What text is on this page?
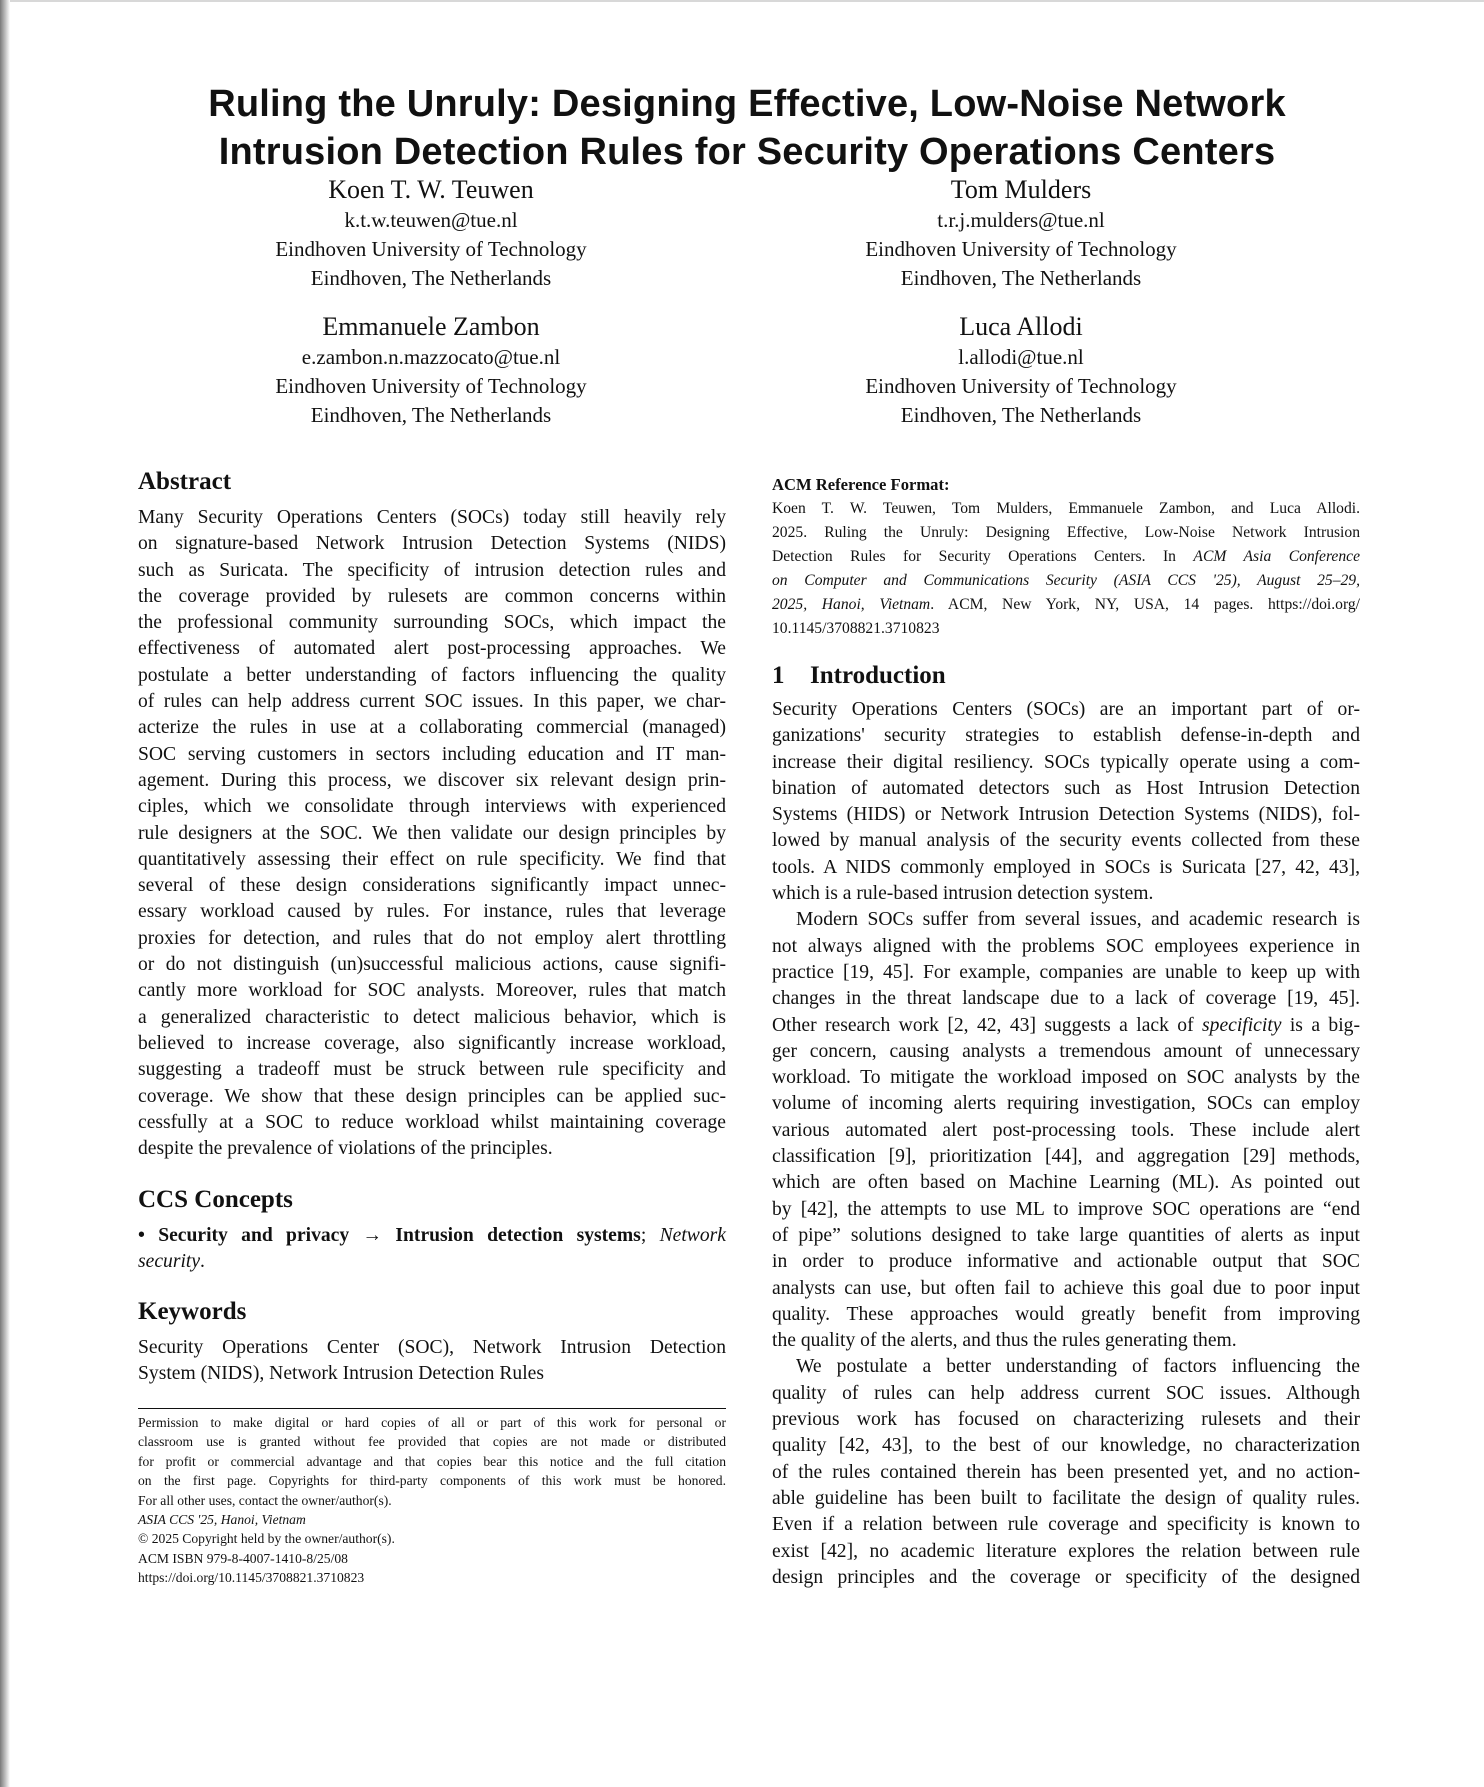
Ruling the Unruly: Designing Effective, Low-Noise Network
Intrusion Detection Rules for Security Operations Centers
Koen T. W. Teuwen
k.t.w.teuwen@tue.nl
Eindhoven University of Technology
Eindhoven, The Netherlands
Tom Mulders
t.r.j.mulders@tue.nl
Eindhoven University of Technology
Eindhoven, The Netherlands
Emmanuele Zambon
e.zambon.n.mazzocato@tue.nl
Eindhoven University of Technology
Eindhoven, The Netherlands
Luca Allodi
l.allodi@tue.nl
Eindhoven University of Technology
Eindhoven, The Netherlands
Abstract
Many Security Operations Centers (SOCs) today still heavily rely
on signature-based Network Intrusion Detection Systems (NIDS)
such as Suricata. The specificity of intrusion detection rules and
the coverage provided by rulesets are common concerns within
the professional community surrounding SOCs, which impact the
effectiveness of automated alert post-processing approaches. We
postulate a better understanding of factors influencing the quality
of rules can help address current SOC issues. In this paper, we char-
acterize the rules in use at a collaborating commercial (managed)
SOC serving customers in sectors including education and IT man-
agement. During this process, we discover six relevant design prin-
ciples, which we consolidate through interviews with experienced
rule designers at the SOC. We then validate our design principles by
quantitatively assessing their effect on rule specificity. We find that
several of these design considerations significantly impact unnec-
essary workload caused by rules. For instance, rules that leverage
proxies for detection, and rules that do not employ alert throttling
or do not distinguish (un)successful malicious actions, cause signifi-
cantly more workload for SOC analysts. Moreover, rules that match
a generalized characteristic to detect malicious behavior, which is
believed to increase coverage, also significantly increase workload,
suggesting a tradeoff must be struck between rule specificity and
coverage. We show that these design principles can be applied suc-
cessfully at a SOC to reduce workload whilst maintaining coverage
despite the prevalence of violations of the principles.
CCS Concepts
• Security and privacy → Intrusion detection systems; Network
security.
Keywords
Security Operations Center (SOC), Network Intrusion Detection
System (NIDS), Network Intrusion Detection Rules
Permission to make digital or hard copies of all or part of this work for personal or
classroom use is granted without fee provided that copies are not made or distributed
for profit or commercial advantage and that copies bear this notice and the full citation
on the first page. Copyrights for third-party components of this work must be honored.
For all other uses, contact the owner/author(s).
ASIA CCS '25, Hanoi, Vietnam
© 2025 Copyright held by the owner/author(s).
ACM ISBN 979-8-4007-1410-8/25/08
https://doi.org/10.1145/3708821.3710823
ACM Reference Format:
Koen T. W. Teuwen, Tom Mulders, Emmanuele Zambon, and Luca Allodi.
2025. Ruling the Unruly: Designing Effective, Low-Noise Network Intrusion
Detection Rules for Security Operations Centers. In ACM Asia Conference
on Computer and Communications Security (ASIA CCS '25), August 25–29,
2025, Hanoi, Vietnam. ACM, New York, NY, USA, 14 pages. https://doi.org/
10.1145/3708821.3710823
1 Introduction
Security Operations Centers (SOCs) are an important part of or-
ganizations' security strategies to establish defense-in-depth and
increase their digital resiliency. SOCs typically operate using a com-
bination of automated detectors such as Host Intrusion Detection
Systems (HIDS) or Network Intrusion Detection Systems (NIDS), fol-
lowed by manual analysis of the security events collected from these
tools. A NIDS commonly employed in SOCs is Suricata [27, 42, 43],
which is a rule-based intrusion detection system.
Modern SOCs suffer from several issues, and academic research is
not always aligned with the problems SOC employees experience in
practice [19, 45]. For example, companies are unable to keep up with
changes in the threat landscape due to a lack of coverage [19, 45].
Other research work [2, 42, 43] suggests a lack of specificity is a big-
ger concern, causing analysts a tremendous amount of unnecessary
workload. To mitigate the workload imposed on SOC analysts by the
volume of incoming alerts requiring investigation, SOCs can employ
various automated alert post-processing tools. These include alert
classification [9], prioritization [44], and aggregation [29] methods,
which are often based on Machine Learning (ML). As pointed out
by [42], the attempts to use ML to improve SOC operations are “end
of pipe” solutions designed to take large quantities of alerts as input
in order to produce informative and actionable output that SOC
analysts can use, but often fail to achieve this goal due to poor input
quality. These approaches would greatly benefit from improving
the quality of the alerts, and thus the rules generating them.
We postulate a better understanding of factors influencing the
quality of rules can help address current SOC issues. Although
previous work has focused on characterizing rulesets and their
quality [42, 43], to the best of our knowledge, no characterization
of the rules contained therein has been presented yet, and no action-
able guideline has been built to facilitate the design of quality rules.
Even if a relation between rule coverage and specificity is known to
exist [42], no academic literature explores the relation between rule
design principles and the coverage or specificity of the designed
